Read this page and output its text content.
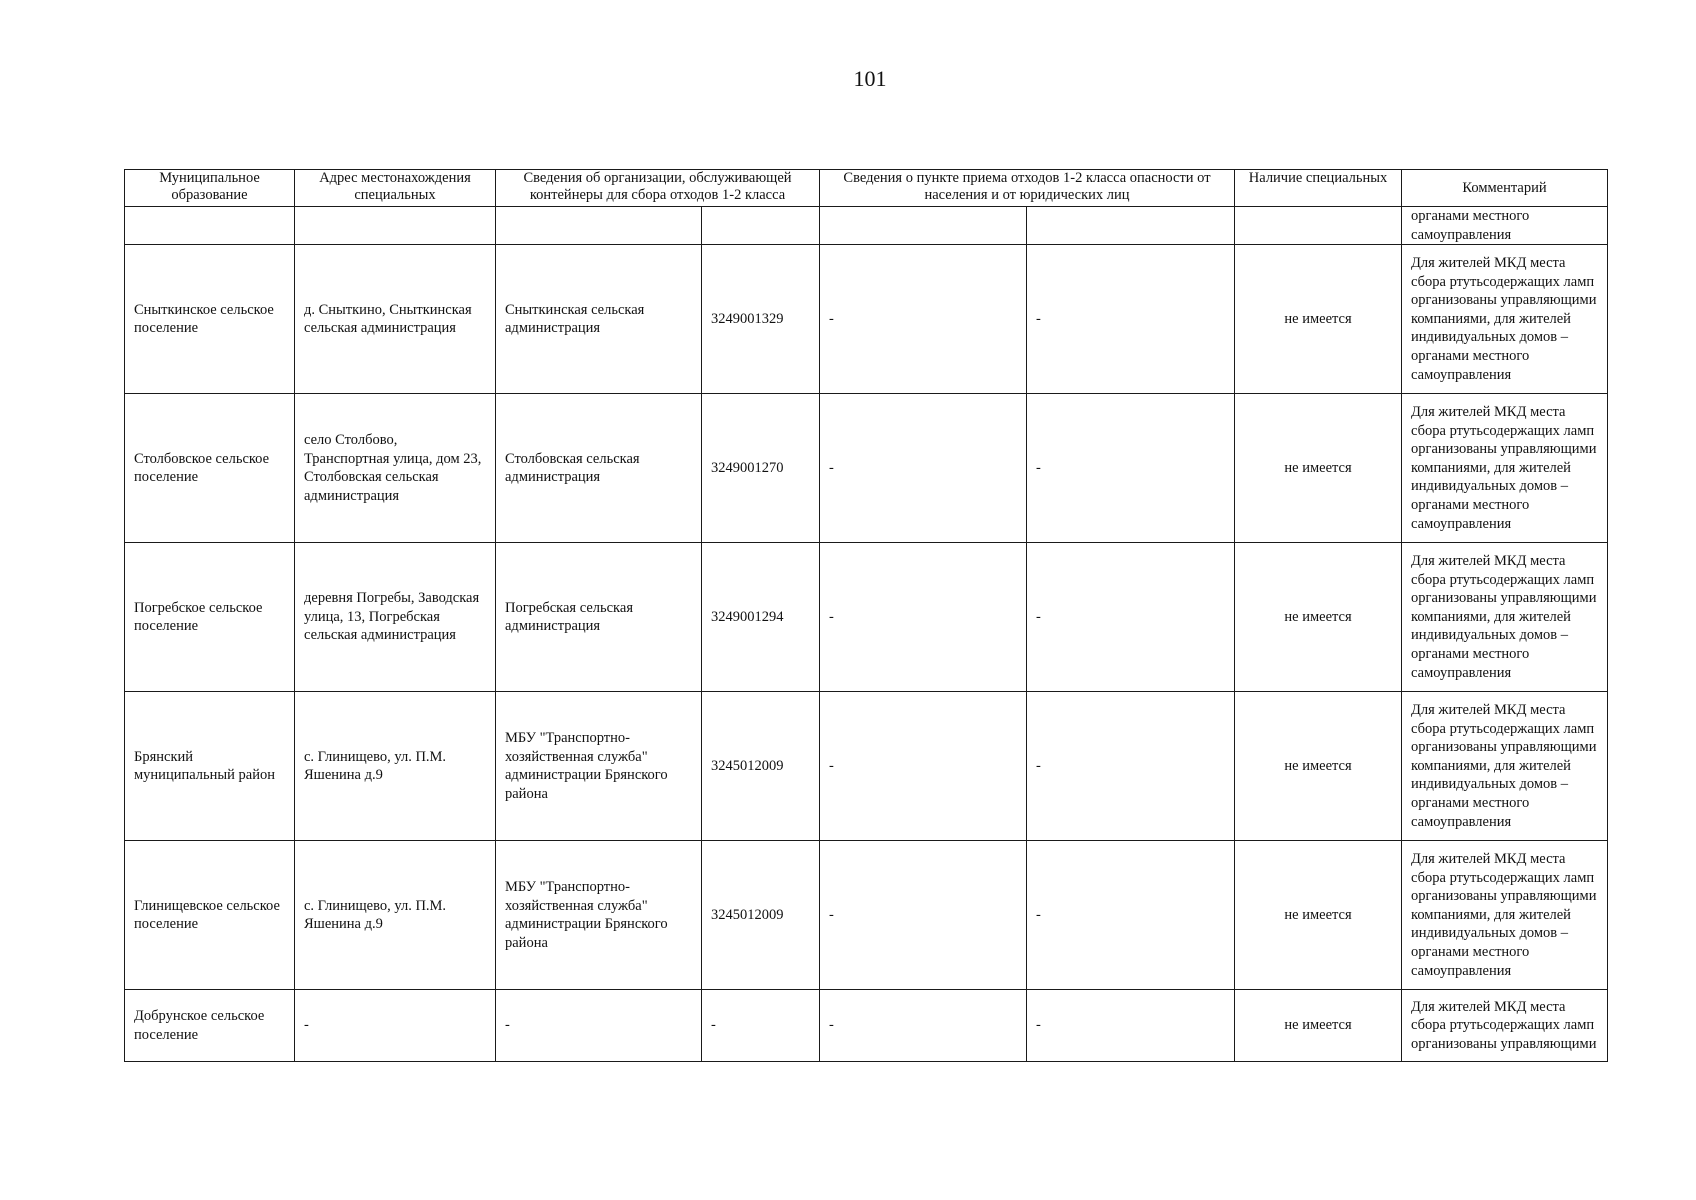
101
Муниципальное образование	Адрес местонахождения специальных	Сведения об организации, обслуживающей контейнеры для сбора отходов 1-2 класса		Сведения о пункте приема отходов 1-2 класса опасности от населения и от юридических лиц		Наличие специальных	Комментарий
							органами местного самоуправления
Сныткинское сельское поселение	д. Сныткино, Сныткинская сельская администрация	Сныткинская сельская администрация	3249001329	-	-	не имеется	Для жителей МКД места сбора ртутьсодержащих ламп организованы управляющими компаниями, для жителей индивидуальных домов – органами местного самоуправления
Столбовское сельское поселение	село Столбово, Транспортная улица, дом 23, Столбовская сельская администрация	Столбовская сельская администрация	3249001270	-	-	не имеется	Для жителей МКД места сбора ртутьсодержащих ламп организованы управляющими компаниями, для жителей индивидуальных домов – органами местного самоуправления
Погребское сельское поселение	деревня Погребы, Заводская улица, 13, Погребская сельская администрация	Погребская сельская администрация	3249001294	-	-	не имеется	Для жителей МКД места сбора ртутьсодержащих ламп организованы управляющими компаниями, для жителей индивидуальных домов – органами местного самоуправления
Брянский муниципальный район	с. Глинищево, ул. П.М. Яшенина д.9	МБУ "Транспортно-хозяйственная служба" администрации Брянского района	3245012009	-	-	не имеется	Для жителей МКД места сбора ртутьсодержащих ламп организованы управляющими компаниями, для жителей индивидуальных домов – органами местного самоуправления
Глинищевское сельское поселение	с. Глинищево, ул. П.М. Яшенина д.9	МБУ "Транспортно-хозяйственная служба" администрации Брянского района	3245012009	-	-	не имеется	Для жителей МКД места сбора ртутьсодержащих ламп организованы управляющими компаниями, для жителей индивидуальных домов – органами местного самоуправления
Добрунское сельское поселение	-	-	-	-	-	не имеется	Для жителей МКД места сбора ртутьсодержащих ламп организованы управляющими
